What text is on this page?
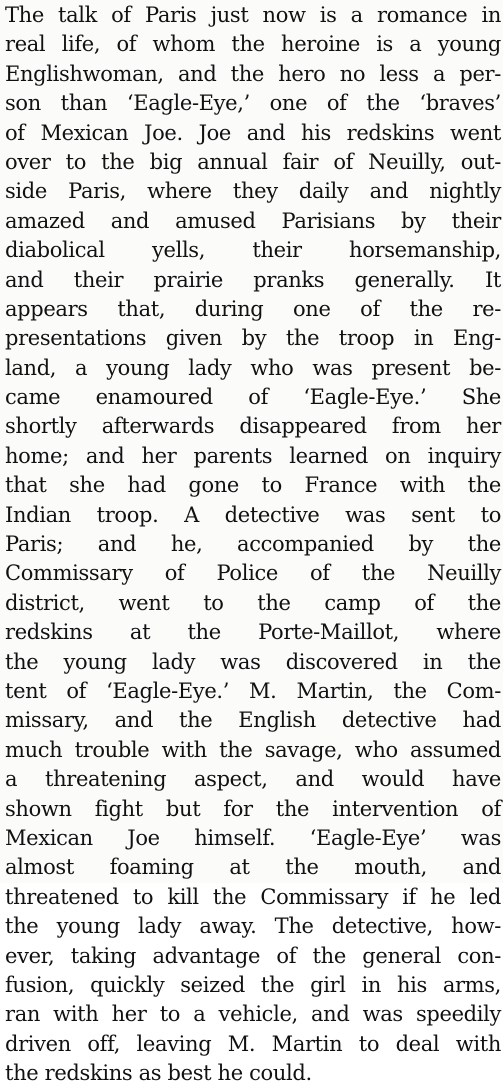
The talk of Paris just now is a romance in
real life, of whom the heroine is a young
Englishwoman, and the hero no less a per-
son than ‘Eagle-Eye,’ one of the ‘braves’
of Mexican Joe. Joe and his redskins went
over to the big annual fair of Neuilly, out-
side Paris, where they daily and nightly
amazed and amused Parisians by their
diabolical yells, their horsemanship,
and their prairie pranks generally. It
appears that, during one of the re-
presentations given by the troop in Eng-
land, a young lady who was present be-
came enamoured of ‘Eagle-Eye.’ She
shortly afterwards disappeared from her
home; and her parents learned on inquiry
that she had gone to France with the
Indian troop. A detective was sent to
Paris; and he, accompanied by the
Commissary of Police of the Neuilly
district, went to the camp of the
redskins at the Porte-Maillot, where
the young lady was discovered in the
tent of ‘Eagle-Eye.’ M. Martin, the Com-
missary, and the English detective had
much trouble with the savage, who assumed
a threatening aspect, and would have
shown fight but for the intervention of
Mexican Joe himself. ‘Eagle-Eye’ was
almost foaming at the mouth, and
threatened to kill the Commissary if he led
the young lady away. The detective, how-
ever, taking advantage of the general con-
fusion, quickly seized the girl in his arms,
ran with her to a vehicle, and was speedily
driven off, leaving M. Martin to deal with
the redskins as best he could.
